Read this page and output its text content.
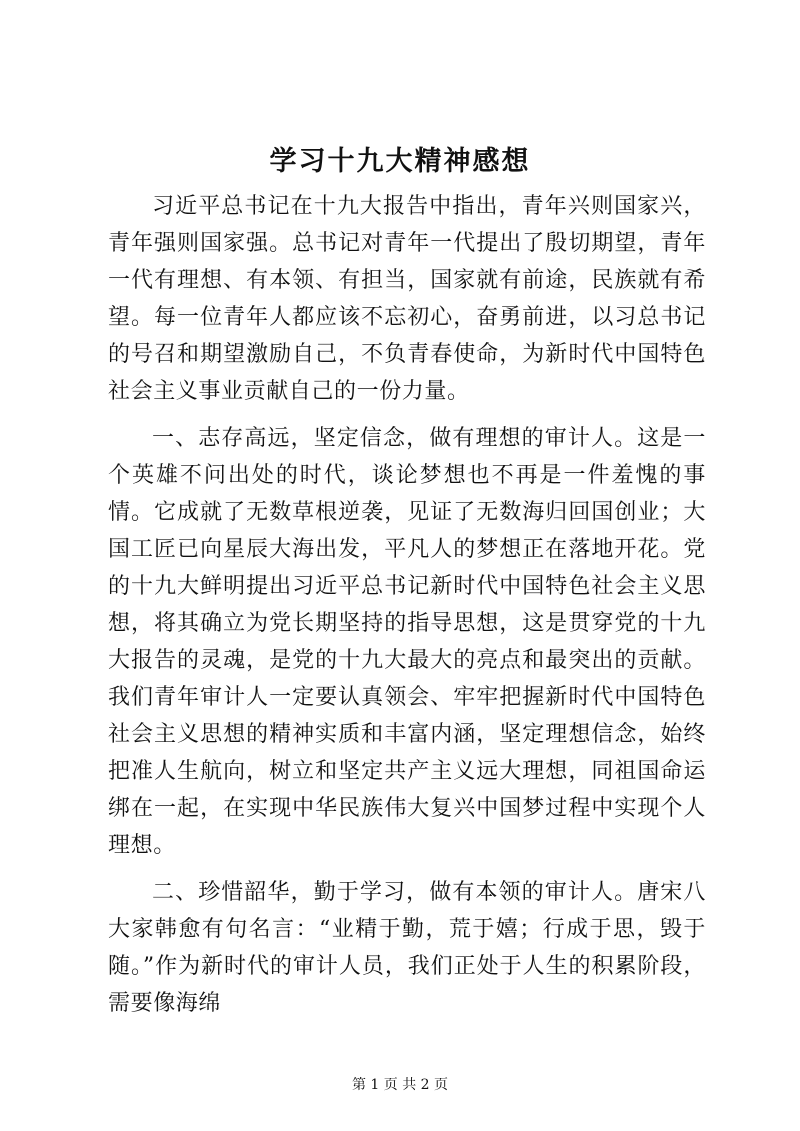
学习十九大精神感想

习近平总书记在十九大报告中指出，青年兴则国家兴，青年强则国家强。总书记对青年一代提出了殷切期望，青年一代有理想、有本领、有担当，国家就有前途，民族就有希望。每一位青年人都应该不忘初心，奋勇前进，以习总书记的号召和期望激励自己，不负青春使命，为新时代中国特色社会主义事业贡献自己的一份力量。

一、志存高远，坚定信念，做有理想的审计人。这是一个英雄不问出处的时代，谈论梦想也不再是一件羞愧的事情。它成就了无数草根逆袭，见证了无数海归回国创业；大国工匠已向星辰大海出发，平凡人的梦想正在落地开花。党的十九大鲜明提出习近平总书记新时代中国特色社会主义思想，将其确立为党长期坚持的指导思想，这是贯穿党的十九大报告的灵魂，是党的十九大最大的亮点和最突出的贡献。我们青年审计人一定要认真领会、牢牢把握新时代中国特色社会主义思想的精神实质和丰富内涵，坚定理想信念，始终把准人生航向，树立和坚定共产主义远大理想，同祖国命运绑在一起，在实现中华民族伟大复兴中国梦过程中实现个人理想。

二、珍惜韶华，勤于学习，做有本领的审计人。唐宋八大家韩愈有句名言：“业精于勤，荒于嬉；行成于思，毁于随。”作为新时代的审计人员，我们正处于人生的积累阶段，需要像海绵

第 1 页 共 2 页
